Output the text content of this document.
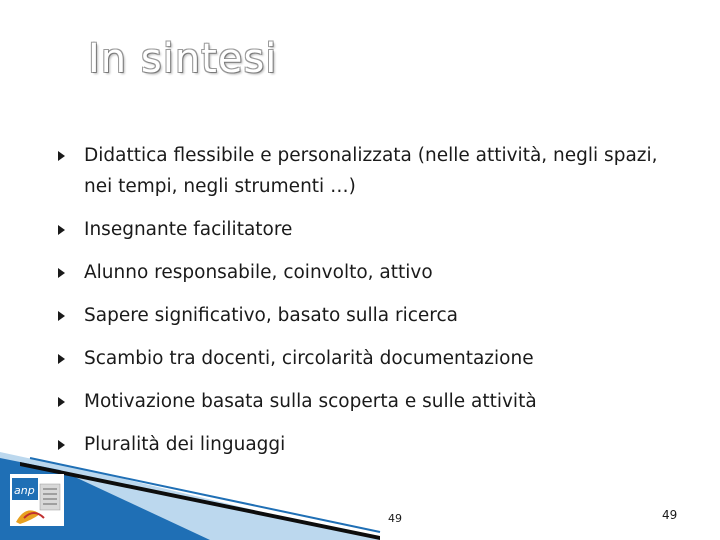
In sintesi
Didattica flessibile e personalizzata (nelle attività, negli spazi, nei tempi, negli strumenti …)
Insegnante facilitatore
Alunno responsabile, coinvolto, attivo
Sapere significativo, basato sulla ricerca
Scambio tra docenti, circolarità documentazione
Motivazione basata sulla scoperta e sulle attività
Pluralità dei linguaggi
anp
49	49
